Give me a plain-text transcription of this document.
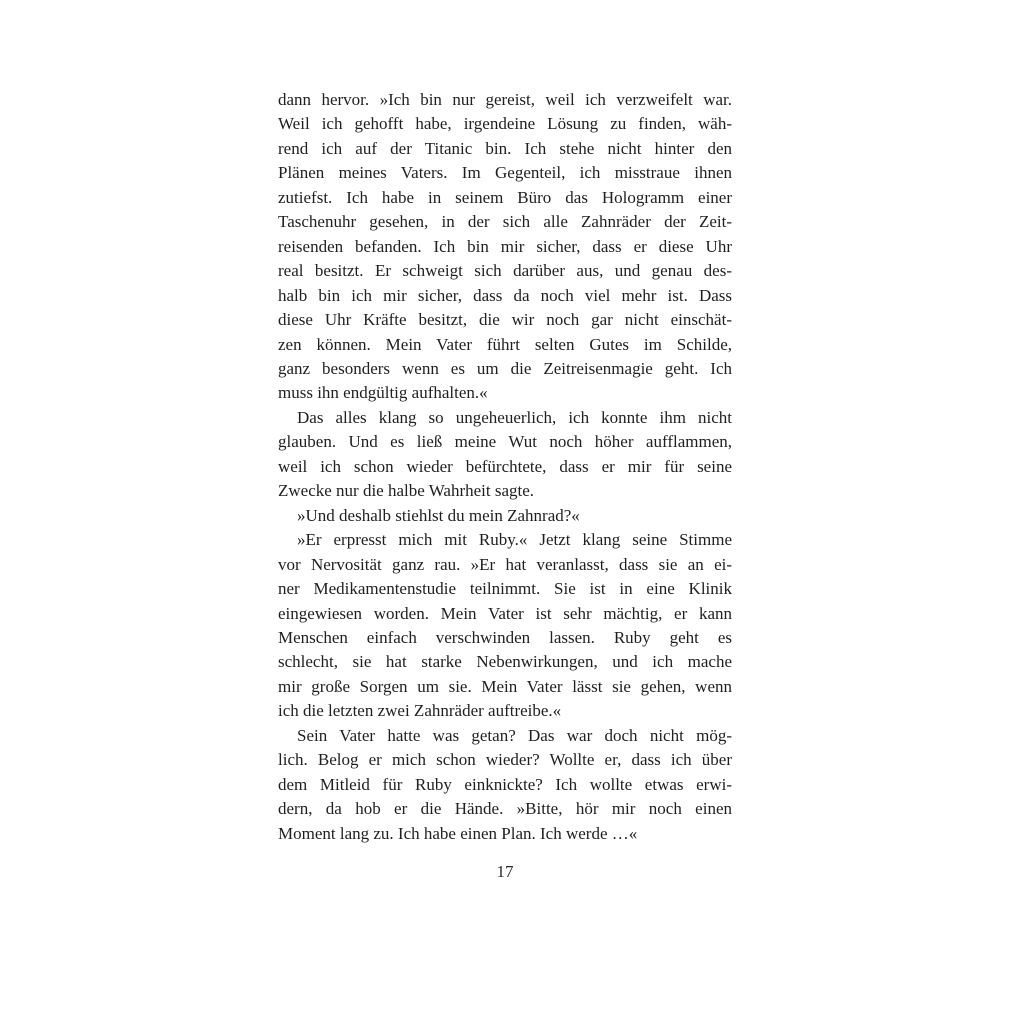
dann hervor. »Ich bin nur gereist, weil ich verzweifelt war.
Weil ich gehofft habe, irgendeine Lösung zu finden, wäh-
rend ich auf der Titanic bin. Ich stehe nicht hinter den
Plänen meines Vaters. Im Gegenteil, ich misstraue ihnen
zutiefst. Ich habe in seinem Büro das Hologramm einer
Taschenuhr gesehen, in der sich alle Zahnräder der Zeit-
reisenden befanden. Ich bin mir sicher, dass er diese Uhr
real besitzt. Er schweigt sich darüber aus, und genau des-
halb bin ich mir sicher, dass da noch viel mehr ist. Dass
diese Uhr Kräfte besitzt, die wir noch gar nicht einschät-
zen können. Mein Vater führt selten Gutes im Schilde,
ganz besonders wenn es um die Zeitreisenmagie geht. Ich
muss ihn endgültig aufhalten.«
Das alles klang so ungeheuerlich, ich konnte ihm nicht
glauben. Und es ließ meine Wut noch höher aufflammen,
weil ich schon wieder befürchtete, dass er mir für seine
Zwecke nur die halbe Wahrheit sagte.
»Und deshalb stiehlst du mein Zahnrad?«
»Er erpresst mich mit Ruby.« Jetzt klang seine Stimme
vor Nervosität ganz rau. »Er hat veranlasst, dass sie an ei-
ner Medikamentenstudie teilnimmt. Sie ist in eine Klinik
eingewiesen worden. Mein Vater ist sehr mächtig, er kann
Menschen einfach verschwinden lassen. Ruby geht es
schlecht, sie hat starke Nebenwirkungen, und ich mache
mir große Sorgen um sie. Mein Vater lässt sie gehen, wenn
ich die letzten zwei Zahnräder auftreibe.«
Sein Vater hatte was getan? Das war doch nicht mög-
lich. Belog er mich schon wieder? Wollte er, dass ich über
dem Mitleid für Ruby einknickte? Ich wollte etwas erwi-
dern, da hob er die Hände. »Bitte, hör mir noch einen
Moment lang zu. Ich habe einen Plan. Ich werde …«
17
